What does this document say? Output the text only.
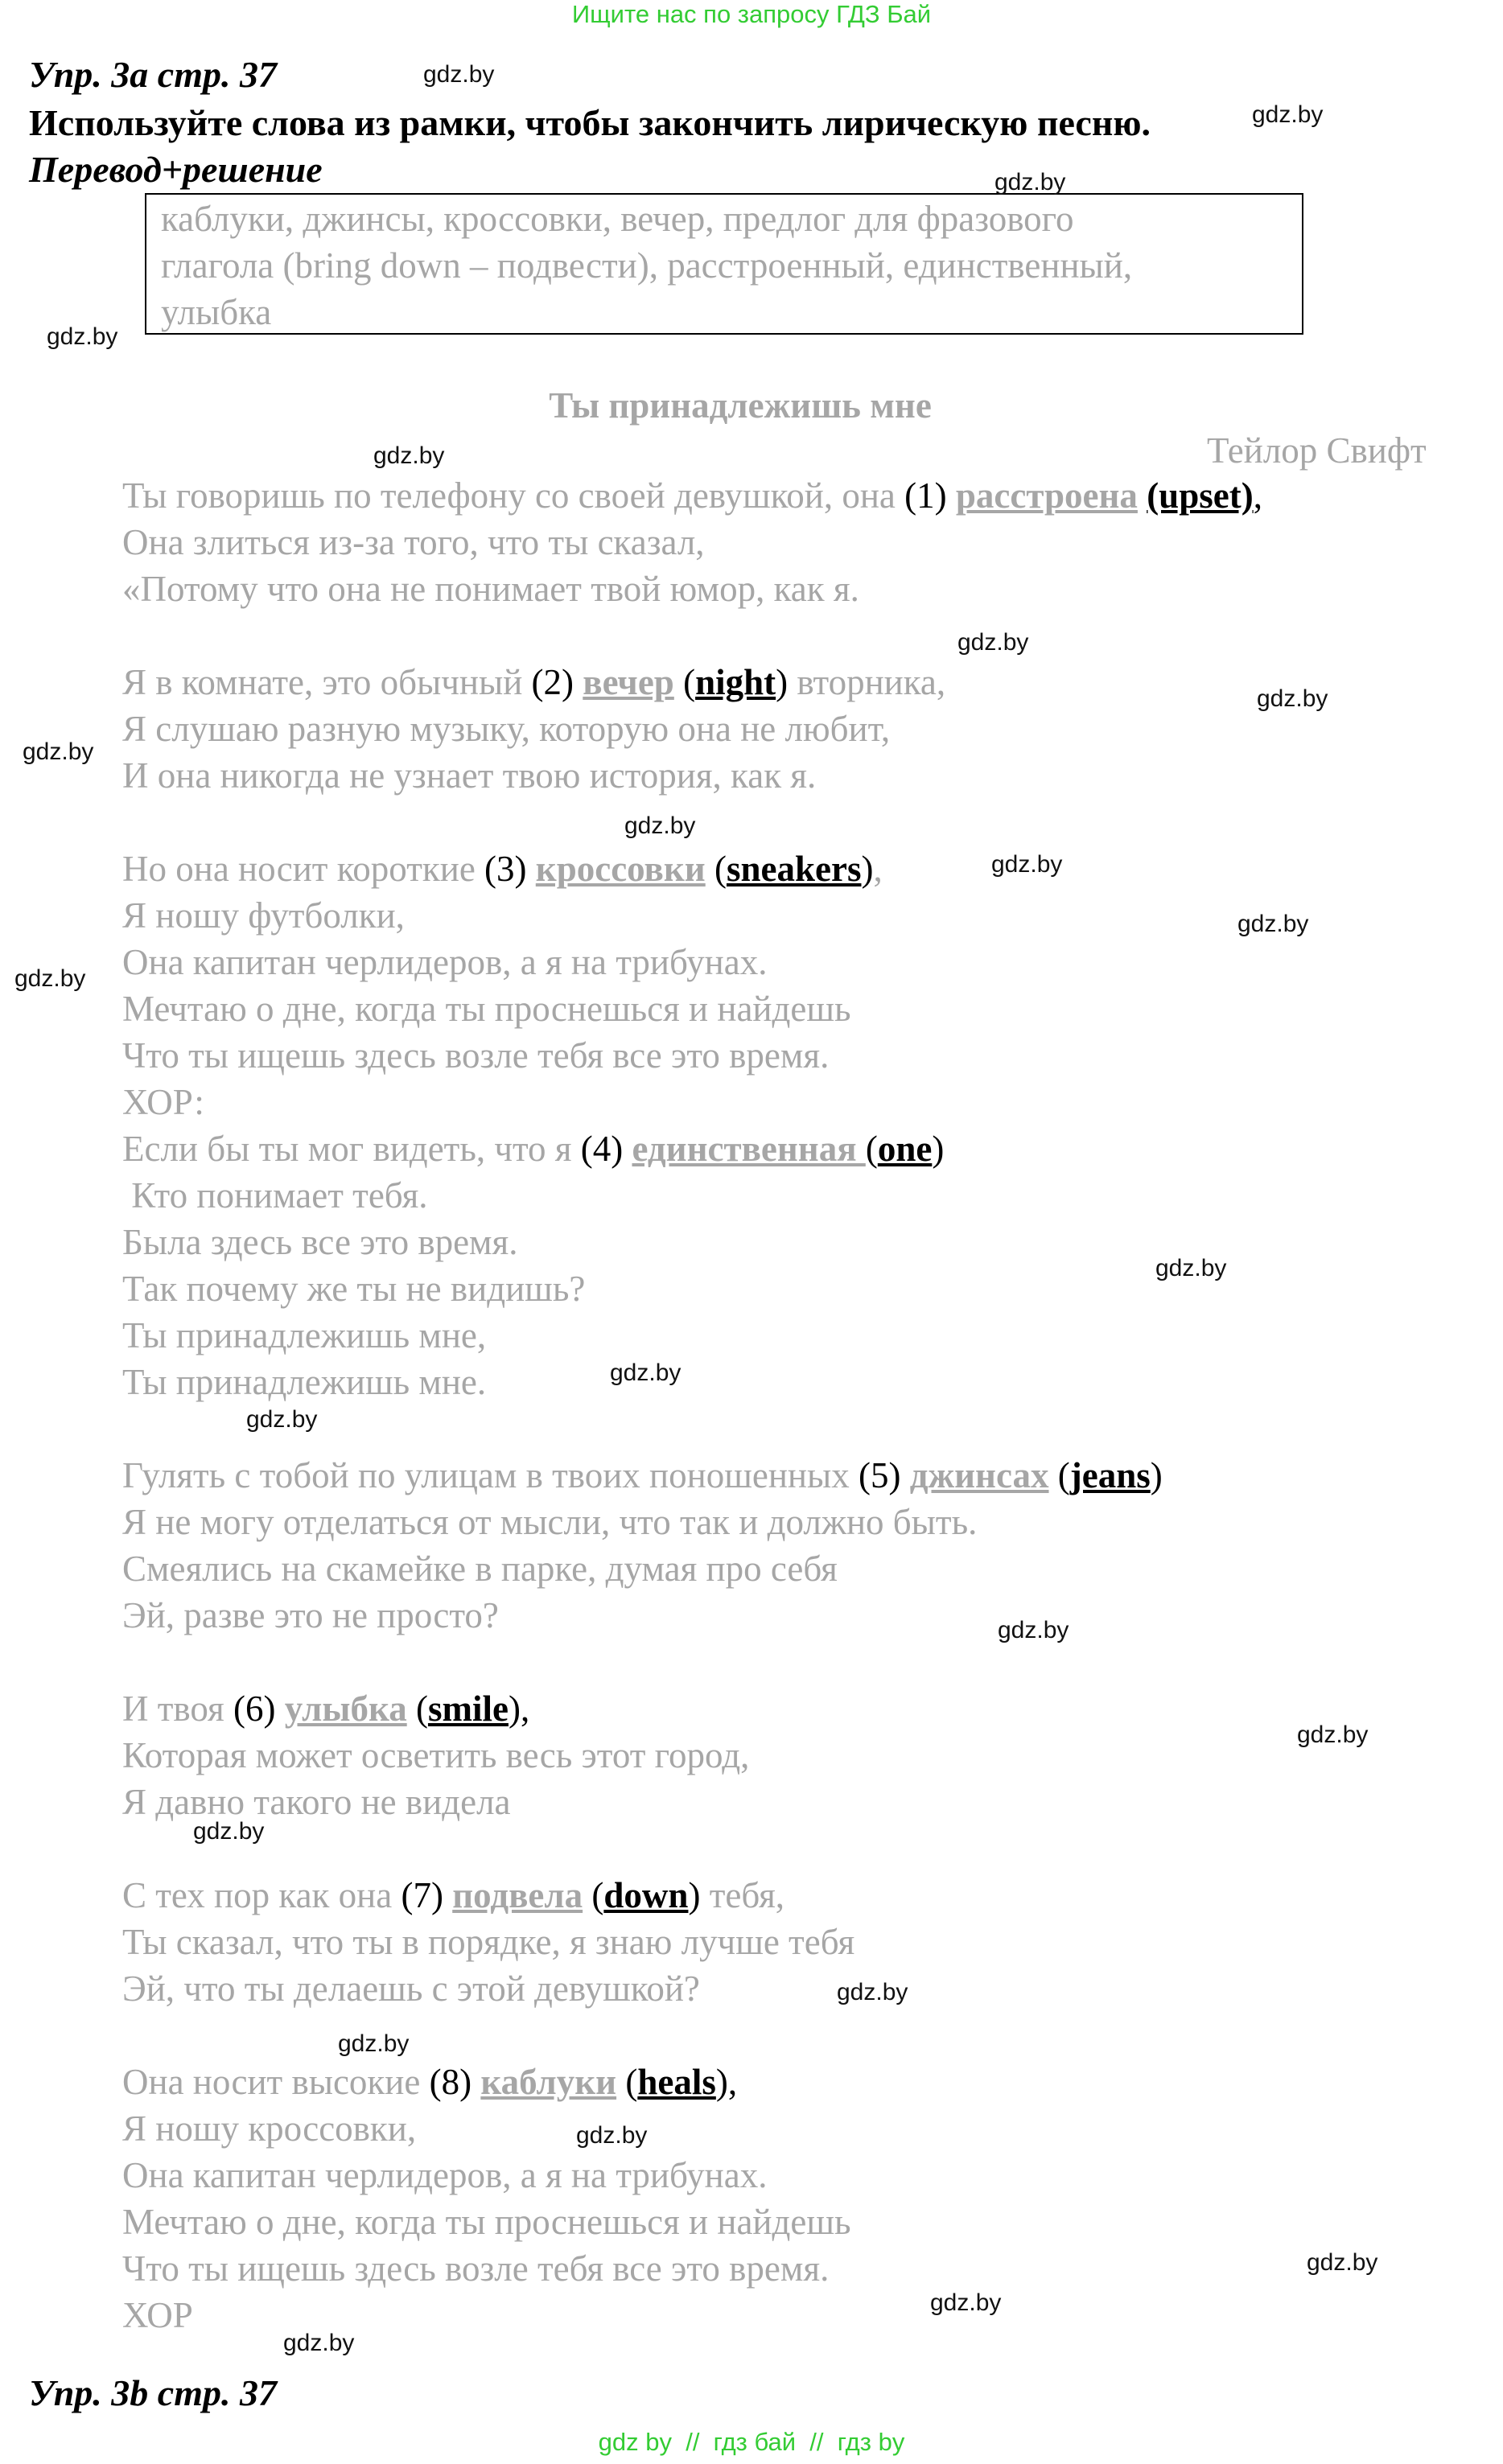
Ищите нас по запросу ГДЗ Бай
Упр. 3а стр. 37
Используйте слова из рамки, чтобы закончить лирическую песню.
Перевод+решение
каблуки, джинсы, кроссовки, вечер, предлог для фразового
глагола (bring down – подвести), расстроенный, единственный,
улыбка
Ты принадлежишь мне
Тейлор Свифт
Ты говоришь по телефону со своей девушкой, она (1) расстроена (upset),
Она злиться из-за того, что ты сказал,
«Потому что она не понимает твой юмор, как я.
Я в комнате, это обычный (2) вечер (night) вторника,
Я слушаю разную музыку, которую она не любит,
И она никогда не узнает твою история, как я.
Но она носит короткие (3) кроссовки (sneakers),
Я ношу футболки,
Она капитан черлидеров, а я на трибунах.
Мечтаю о дне, когда ты проснешься и найдешь
Что ты ищешь здесь возле тебя все это время.
ХОР:
Если бы ты мог видеть, что я (4) единственная (one)
Кто понимает тебя.
Была здесь все это время.
Так почему же ты не видишь?
Ты принадлежишь мне,
Ты принадлежишь мне.
Гулять с тобой по улицам в твоих поношенных (5) джинсах (jeans)
Я не могу отделаться от мысли, что так и должно быть.
Смеялись на скамейке в парке, думая про себя
Эй, разве это не просто?
И твоя (6) улыбка (smile),
Которая может осветить весь этот город,
Я давно такого не видела
С тех пор как она (7) подвела (down) тебя,
Ты сказал, что ты в порядке, я знаю лучше тебя
Эй, что ты делаешь с этой девушкой?
Она носит высокие (8) каблуки (heals),
Я ношу кроссовки,
Она капитан черлидеров, а я на трибунах.
Мечтаю о дне, когда ты проснешься и найдешь
Что ты ищешь здесь возле тебя все это время.
ХОР
Упр. 3b стр. 37
gdz.by
gdz.by
gdz.by
gdz.by
gdz.by
gdz.by
gdz.by
gdz.by
gdz.by
gdz.by
gdz.by
gdz.by
gdz.by
gdz.by
gdz.by
gdz.by
gdz.by
gdz.by
gdz.by
gdz.by
gdz.by
gdz.by
gdz.by
gdz.by
gdz by  //  гдз бай  //  гдз by
